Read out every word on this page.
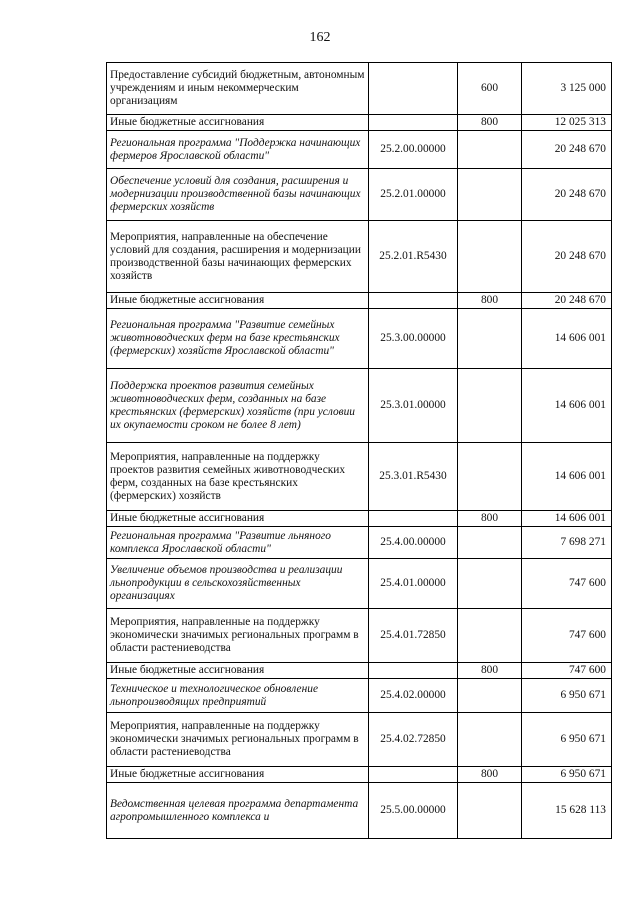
162
Предоставление субсидий бюджетным, автономным учреждениям и иным некоммерческим организациям		600	3 125 000
Иные бюджетные ассигнования		800	12 025 313
Региональная программа "Поддержка начинающих фермеров Ярославской области"	25.2.00.00000		20 248 670
Обеспечение условий для создания, расширения и модернизации производственной базы начинающих фермерских хозяйств	25.2.01.00000		20 248 670
Мероприятия, направленные на обеспечение условий для создания, расширения и модернизации производственной базы начинающих фермерских хозяйств	25.2.01.R5430		20 248 670
Иные бюджетные ассигнования		800	20 248 670
Региональная программа "Развитие семейных животноводческих ферм на базе крестьянских (фермерских) хозяйств Ярославской области"	25.3.00.00000		14 606 001
Поддержка проектов развития семейных животноводческих ферм, созданных на базе крестьянских (фермерских) хозяйств (при условии их окупаемости сроком не более 8 лет)	25.3.01.00000		14 606 001
Мероприятия, направленные на поддержку проектов развития семейных животноводческих ферм, созданных на базе крестьянских (фермерских) хозяйств	25.3.01.R5430		14 606 001
Иные бюджетные ассигнования		800	14 606 001
Региональная программа "Развитие льняного комплекса Ярославской области"	25.4.00.00000		7 698 271
Увеличение объемов производства и реализации льнопродукции в сельскохозяйственных организациях	25.4.01.00000		747 600
Мероприятия, направленные на поддержку экономически значимых региональных программ в области растениеводства	25.4.01.72850		747 600
Иные бюджетные ассигнования		800	747 600
Техническое и технологическое обновление льнопроизводящих предприятий	25.4.02.00000		6 950 671
Мероприятия, направленные на поддержку экономически значимых региональных программ в области растениеводства	25.4.02.72850		6 950 671
Иные бюджетные ассигнования		800	6 950 671
Ведомственная целевая программа департамента агропромышленного комплекса и	25.5.00.00000		15 628 113
